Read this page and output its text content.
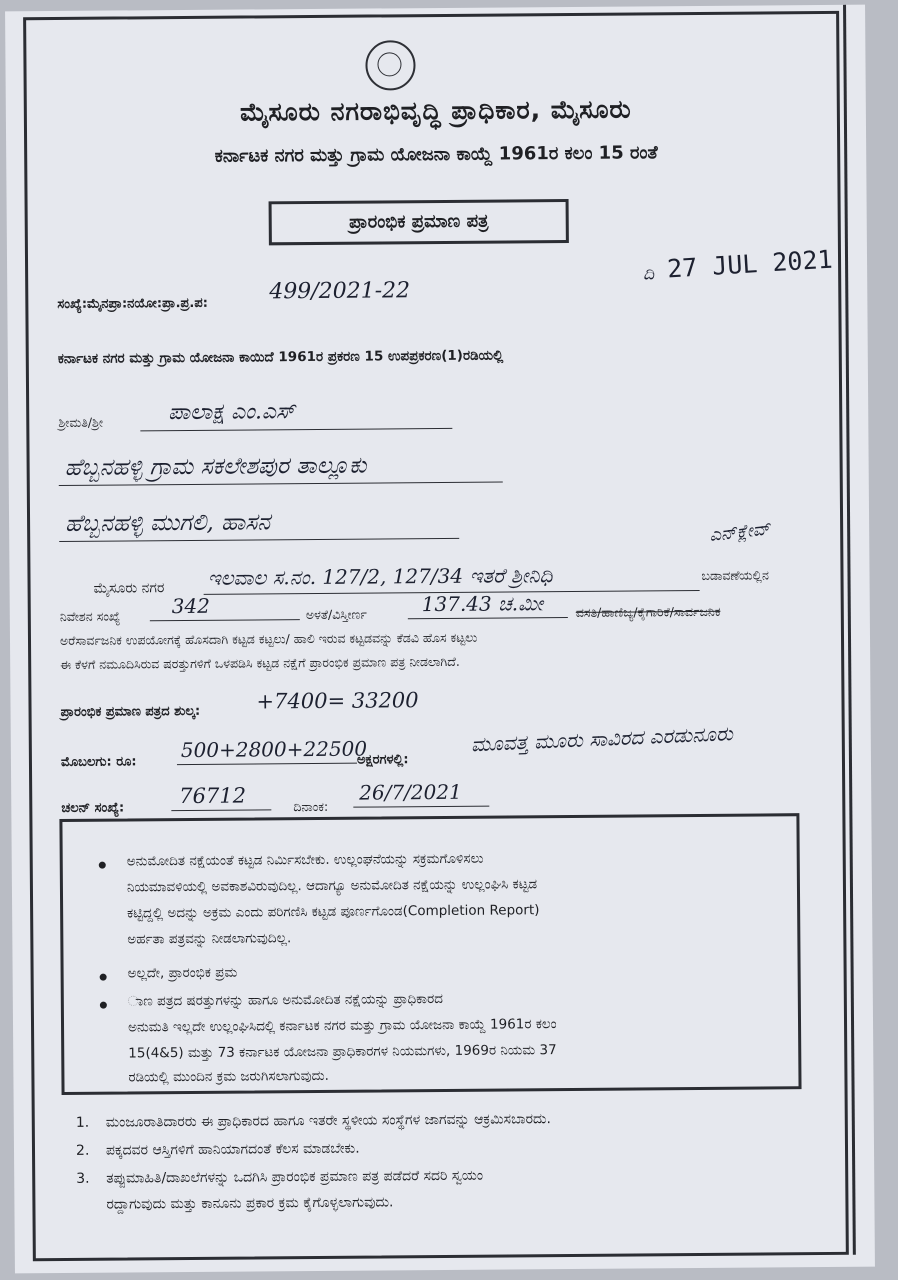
ಮೈಸೂರು ನಗರಾಭಿವೃದ್ಧಿ ಪ್ರಾಧಿಕಾರ, ಮೈಸೂರು
ಕರ್ನಾಟಕ ನಗರ ಮತ್ತು ಗ್ರಾಮ ಯೋಜನಾ ಕಾಯ್ದೆ 1961ರ ಕಲಂ 15 ರಂತೆ
ಪ್ರಾರಂಭಿಕ ಪ್ರಮಾಣ ಪತ್ರ
ಸಂಖ್ಯೆ:ಮೈನಪ್ರಾ:ನಯೋ:ಪ್ರಾ.ಪ್ರ.ಪ:	499/2021-22
ದಿ 27 JUL 2021
ಕರ್ನಾಟಕ ನಗರ ಮತ್ತು ಗ್ರಾಮ ಯೋಜನಾ ಕಾಯಿದೆ 1961ರ ಪ್ರಕರಣ 15 ಉಪಪ್ರಕರಣ(1)ರಡಿಯಲ್ಲಿ
ಶ್ರೀಮತಿ/ಶ್ರೀ	ಪಾಲಾಕ್ಷ ಎಂ.ಎಸ್
ಹೆಬ್ಬನಹಳ್ಳಿ ಗ್ರಾಮ ಸಕಲೇಶಪುರ ತಾಲ್ಲೂಕು
ಹೆಬ್ಬನಹಳ್ಳಿ ಮುಗಲಿ, ಹಾಸನ
ಮೈಸೂರು ನಗರ ಇಲವಾಲ ಸ.ನಂ. 127/2, 127/34 ಇತರೆ ಶ್ರೀನಿಧಿ
ಎನ್‌ಕ್ಲೇವ್
ಬಡಾವಣೆಯಲ್ಲಿನ
ನಿವೇಶನ ಸಂಖ್ಯೆ	342	ಅಳತೆ/ವಿಸ್ತೀರ್ಣ	137.43 ಚ.ಮೀ	ವಸತಿ/ಹಾಣಿಜ್ಯ/ಕೈಗಾರಿಕೆ/ಸಾರ್ವಜನಿಕ
ಅರೆಸಾರ್ವಜನಿಕ ಉಪಯೋಗಕ್ಕೆ ಹೊಸದಾಗಿ ಕಟ್ಟಡ ಕಟ್ಟಲು/ ಹಾಲಿ ಇರುವ ಕಟ್ಟಡವನ್ನು ಕೆಡವಿ ಹೊಸ ಕಟ್ಟಲು
ಈ ಕೆಳಗೆ ನಮೂದಿಸಿರುವ ಷರತ್ತುಗಳಿಗೆ ಒಳಪಡಿಸಿ ಕಟ್ಟಡ ನಕ್ಷೆಗೆ ಪ್ರಾರಂಭಿಕ ಪ್ರಮಾಣ ಪತ್ರ ನೀಡಲಾಗಿದೆ.
ಪ್ರಾರಂಭಿಕ ಪ್ರಮಾಣ ಪತ್ರದ ಶುಲ್ಕ:	+7400= 33200
ಮೊಬಲಗು: ರೂ:
500+2800+22500
ಅಕ್ಷರಗಳಲ್ಲಿ:
ಮೂವತ್ತ ಮೂರು ಸಾವಿರದ ಎರಡುನೂರು
ಚಲನ್ ಸಂಖ್ಯೆ:
76712	ದಿನಾಂಕ:
26/7/2021
ಅನುಮೋದಿತ ನಕ್ಷೆಯಂತೆ ಕಟ್ಟಡ ನಿರ್ಮಿಸಬೇಕು. ಉಲ್ಲಂಘನೆಯನ್ನು ಸಕ್ರಮಗೊಳಿಸಲು
ನಿಯಮಾವಳಿಯಲ್ಲಿ ಅವಕಾಶವಿರುವುದಿಲ್ಲ. ಆದಾಗ್ಯೂ ಅನುಮೋದಿತ ನಕ್ಷೆಯನ್ನು ಉಲ್ಲಂಘಿಸಿ ಕಟ್ಟಡ
ಕಟ್ಟಿದ್ದಲ್ಲಿ ಅದನ್ನು ಅಕ್ರಮ ಎಂದು ಪರಿಗಣಿಸಿ ಕಟ್ಟಡ ಪೂರ್ಣಗೊಂಡ(Completion Report)
ಅರ್ಹತಾ ಪತ್ರವನ್ನು ನೀಡಲಾಗುವುದಿಲ್ಲ.
ಅಲ್ಲದೇ, ಪ್ರಾರಂಭಿಕ ಪ್ರಮ
ಾಣ ಪತ್ರದ ಷರತ್ತುಗಳನ್ನು ಹಾಗೂ ಅನುಮೋದಿತ ನಕ್ಷೆಯನ್ನು ಪ್ರಾಧಿಕಾರದ
ಅನುಮತಿ ಇಲ್ಲದೇ ಉಲ್ಲಂಘಿಸಿದಲ್ಲಿ ಕರ್ನಾಟಕ ನಗರ ಮತ್ತು ಗ್ರಾಮ ಯೋಜನಾ ಕಾಯ್ದೆ 1961ರ ಕಲಂ
15(4&5) ಮತ್ತು 73 ಕರ್ನಾಟಕ ಯೋಜನಾ ಪ್ರಾಧಿಕಾರಗಳ ನಿಯಮಗಳು, 1969ರ ನಿಯಮ 37
ರಡಿಯಲ್ಲಿ ಮುಂದಿನ ಕ್ರಮ ಜರುಗಿಸಲಾಗುವುದು.
1. ಮಂಜೂರಾತಿದಾರರು ಈ ಪ್ರಾಧಿಕಾರದ ಹಾಗೂ ಇತರೇ ಸ್ಥಳೀಯ ಸಂಸ್ಥೆಗಳ ಜಾಗವನ್ನು ಆಕ್ರಮಿಸಬಾರದು.
2. ಪಕ್ಕದವರ ಆಸ್ತಿಗಳಿಗೆ ಹಾನಿಯಾಗದಂತೆ ಕೆಲಸ ಮಾಡಬೇಕು.
3. ತಪ್ಪುಮಾಹಿತಿ/ದಾಖಲೆಗಳನ್ನು ಒದಗಿಸಿ ಪ್ರಾರಂಭಿಕ ಪ್ರಮಾಣ ಪತ್ರ ಪಡೆದರೆ ಸದರಿ ಸ್ವಯಂ
ರದ್ದಾಗುವುದು ಮತ್ತು ಕಾನೂನು ಪ್ರಕಾರ ಕ್ರಮ ಕೈಗೊಳ್ಳಲಾಗುವುದು.
